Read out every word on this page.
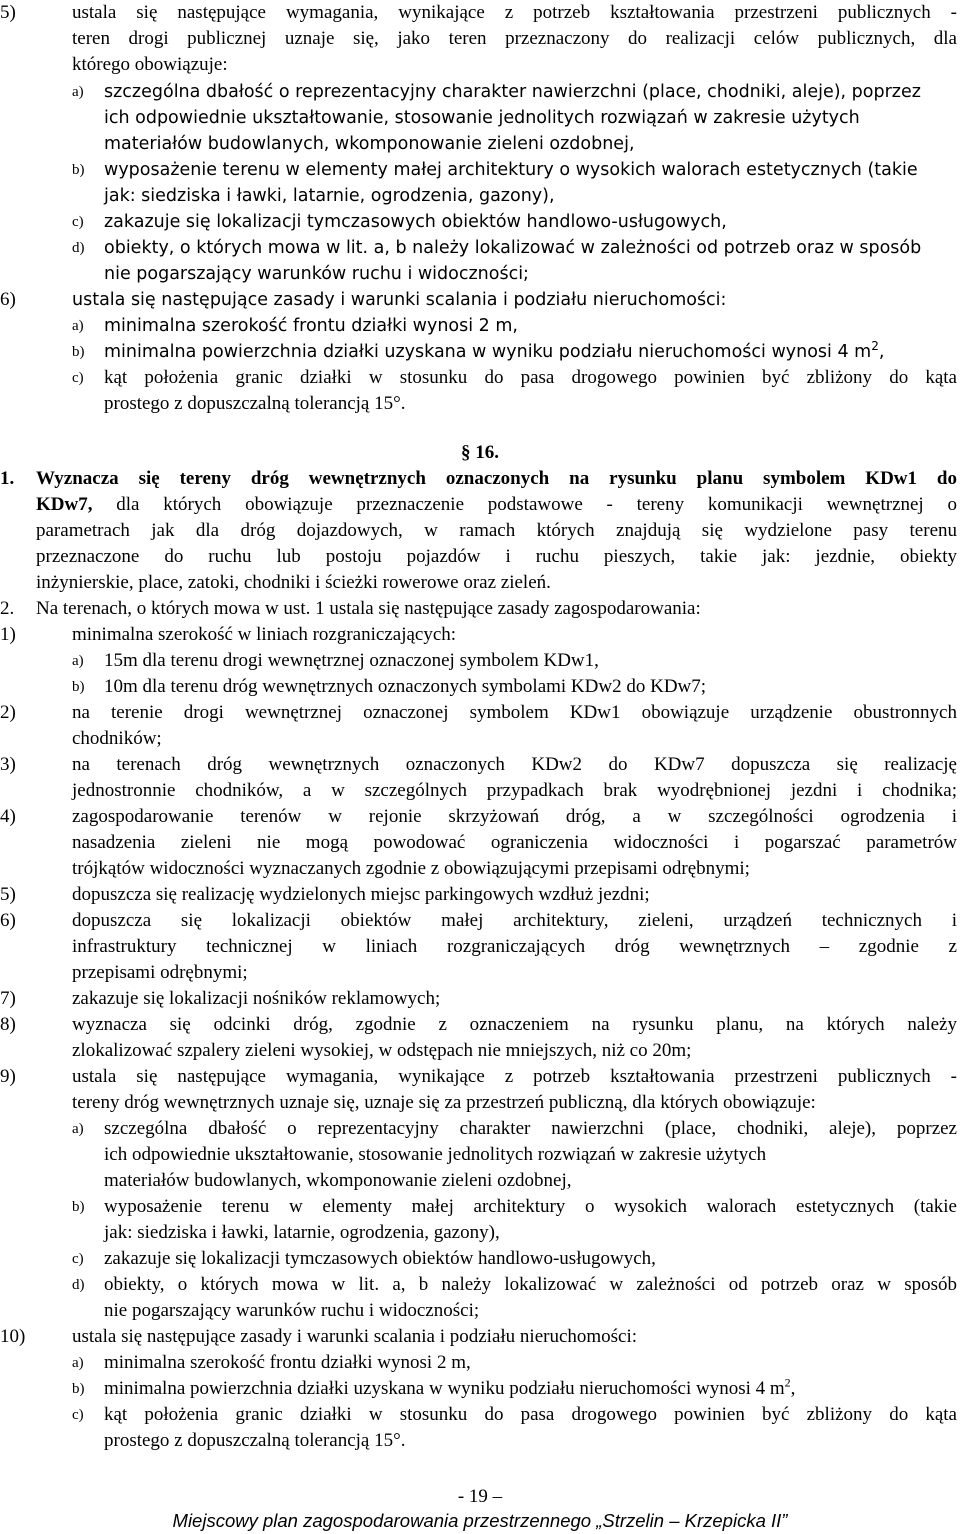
5)	ustala się następujące wymagania, wynikające z potrzeb kształtowania przestrzeni publicznych -
teren drogi publicznej uznaje się, jako teren przeznaczony do realizacji celów publicznych, dla
którego obowiązuje:
a) szczególna dbałość o reprezentacyjny charakter nawierzchni (place, chodniki, aleje), poprzez
ich odpowiednie ukształtowanie, stosowanie jednolitych rozwiązań w zakresie użytych
materiałów budowlanych, wkomponowanie zieleni ozdobnej,
b) wyposażenie terenu w elementy małej architektury o wysokich walorach estetycznych (takie
jak: siedziska i ławki, latarnie, ogrodzenia, gazony),
c) zakazuje się lokalizacji tymczasowych obiektów handlowo-usługowych,
d) obiekty, o których mowa w lit. a, b należy lokalizować w zależności od potrzeb oraz w sposób
nie pogarszający warunków ruchu i widoczności;
6)	ustala się następujące zasady i warunki scalania i podziału nieruchomości:
a) minimalna szerokość frontu działki wynosi 2 m,
b) minimalna powierzchnia działki uzyskana w wyniku podziału nieruchomości wynosi 4 $m^2$,
c) kąt położenia granic działki w stosunku do pasa drogowego powinien być zbliżony do kąta
prostego z dopuszczalną tolerancją 15°.
§ 16.
1. Wyznacza się tereny dróg wewnętrznych oznaczonych na rysunku planu symbolem KDw1 do
KDw7, dla których obowiązuje przeznaczenie podstawowe - tereny komunikacji wewnętrznej o
parametrach jak dla dróg dojazdowych, w ramach których znajdują się wydzielone pasy terenu
przeznaczone do ruchu lub postoju pojazdów i ruchu pieszych, takie jak: jezdnie, obiekty
inżynierskie, place, zatoki, chodniki i ścieżki rowerowe oraz zieleń.
2. Na terenach, o których mowa w ust. 1 ustala się następujące zasady zagospodarowania:
1)	minimalna szerokość w liniach rozgraniczających:
a) 15m dla terenu drogi wewnętrznej oznaczonej symbolem KDw1,
b) 10m dla terenu dróg wewnętrznych oznaczonych symbolami KDw2 do KDw7;
2)	na terenie drogi wewnętrznej oznaczonej symbolem KDw1 obowiązuje urządzenie obustronnych
chodników;
3)	na terenach dróg wewnętrznych oznaczonych KDw2 do KDw7 dopuszcza się realizację
jednostronnie chodników, a w szczególnych przypadkach brak wyodrębnionej jezdni i chodnika;
4)	zagospodarowanie terenów w rejonie skrzyżowań dróg, a w szczególności ogrodzenia i
nasadzenia zieleni nie mogą powodować ograniczenia widoczności i pogarszać parametrów
trójkątów widoczności wyznaczanych zgodnie z obowiązującymi przepisami odrębnymi;
5)	dopuszcza się realizację wydzielonych miejsc parkingowych wzdłuż jezdni;
6)	dopuszcza się lokalizacji obiektów małej architektury, zieleni, urządzeń technicznych i
infrastruktury technicznej w liniach rozgraniczających dróg wewnętrznych – zgodnie z
przepisami odrębnymi;
7)	zakazuje się lokalizacji nośników reklamowych;
8)	wyznacza się odcinki dróg, zgodnie z oznaczeniem na rysunku planu, na których należy
zlokalizować szpalery zieleni wysokiej, w odstępach nie mniejszych, niż co 20m;
9)	ustala się następujące wymagania, wynikające z potrzeb kształtowania przestrzeni publicznych -
tereny dróg wewnętrznych uznaje się, uznaje się za przestrzeń publiczną, dla których obowiązuje:
a) szczególna dbałość o reprezentacyjny charakter nawierzchni (place, chodniki, aleje), poprzez
ich odpowiednie ukształtowanie, stosowanie jednolitych rozwiązań w zakresie użytych
materiałów budowlanych, wkomponowanie zieleni ozdobnej,
b) wyposażenie terenu w elementy małej architektury o wysokich walorach estetycznych (takie
jak: siedziska i ławki, latarnie, ogrodzenia, gazony),
c) zakazuje się lokalizacji tymczasowych obiektów handlowo-usługowych,
d) obiekty, o których mowa w lit. a, b należy lokalizować w zależności od potrzeb oraz w sposób
nie pogarszający warunków ruchu i widoczności;
10) ustala się następujące zasady i warunki scalania i podziału nieruchomości:
a) minimalna szerokość frontu działki wynosi 2 m,
b) minimalna powierzchnia działki uzyskana w wyniku podziału nieruchomości wynosi 4 $m^2$,
c) kąt położenia granic działki w stosunku do pasa drogowego powinien być zbliżony do kąta
prostego z dopuszczalną tolerancją 15°.
- 19 –
Miejscowy plan zagospodarowania przestrzennego „Strzelin – Krzepicka II”
